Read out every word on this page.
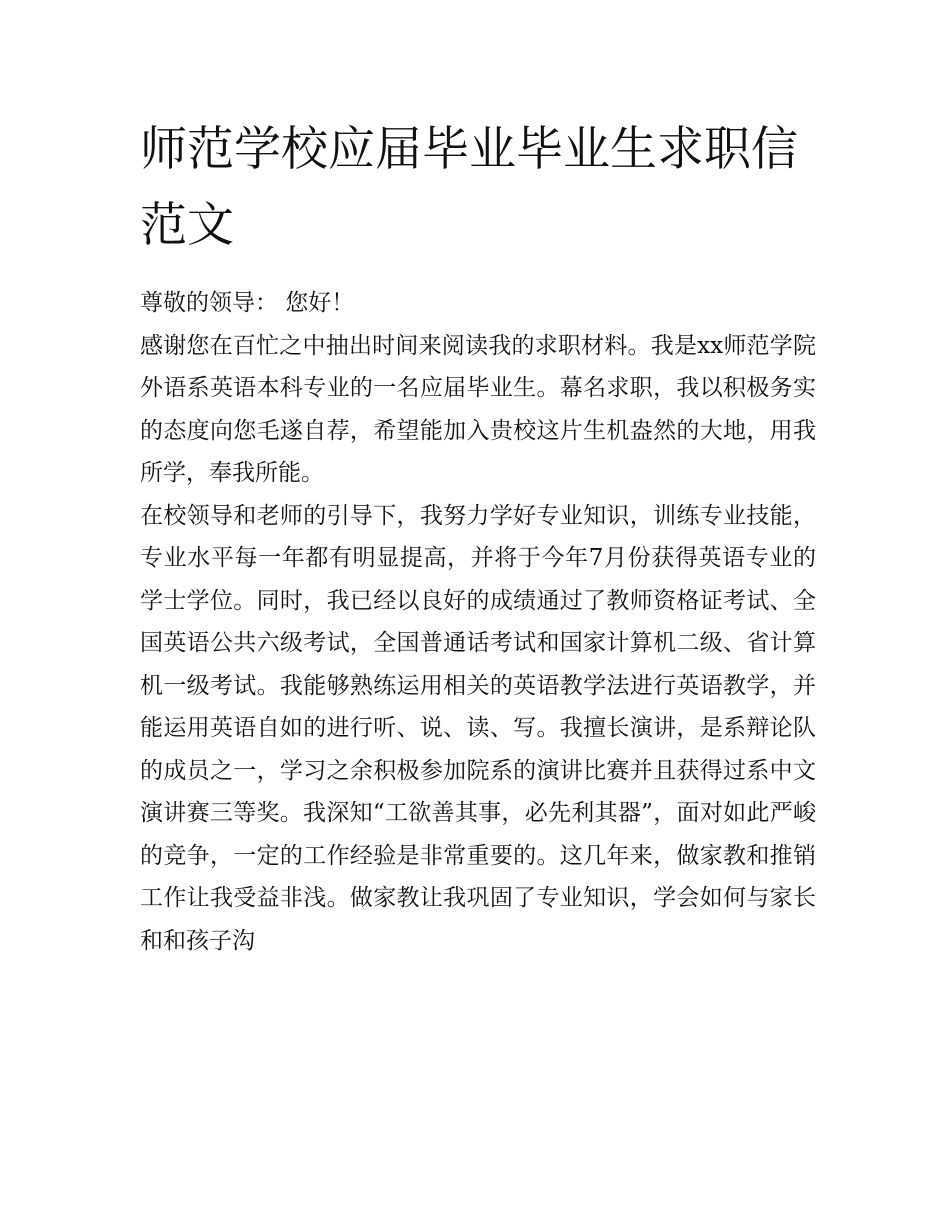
师范学校应届毕业毕业生求职信范文

尊敬的领导： 您好！

感谢您在百忙之中抽出时间来阅读我的求职材料。我是xx师范学院外语系英语本科专业的一名应届毕业生。幕名求职，我以积极务实的态度向您毛遂自荐，希望能加入贵校这片生机盎然的大地，用我所学，奉我所能。

在校领导和老师的引导下，我努力学好专业知识，训练专业技能，专业水平每一年都有明显提高，并将于今年7月份获得英语专业的学士学位。同时，我已经以良好的成绩通过了教师资格证考试、全国英语公共六级考试，全国普通话考试和国家计算机二级、省计算机一级考试。我能够熟练运用相关的英语教学法进行英语教学，并能运用英语自如的进行听、说、读、写。我擅长演讲，是系辩论队的成员之一，学习之余积极参加院系的演讲比赛并且获得过系中文演讲赛三等奖。我深知“工欲善其事，必先利其器”，面对如此严峻的竞争，一定的工作经验是非常重要的。这几年来，做家教和推销工作让我受益非浅。做家教让我巩固了专业知识，学会如何与家长和和孩子沟
